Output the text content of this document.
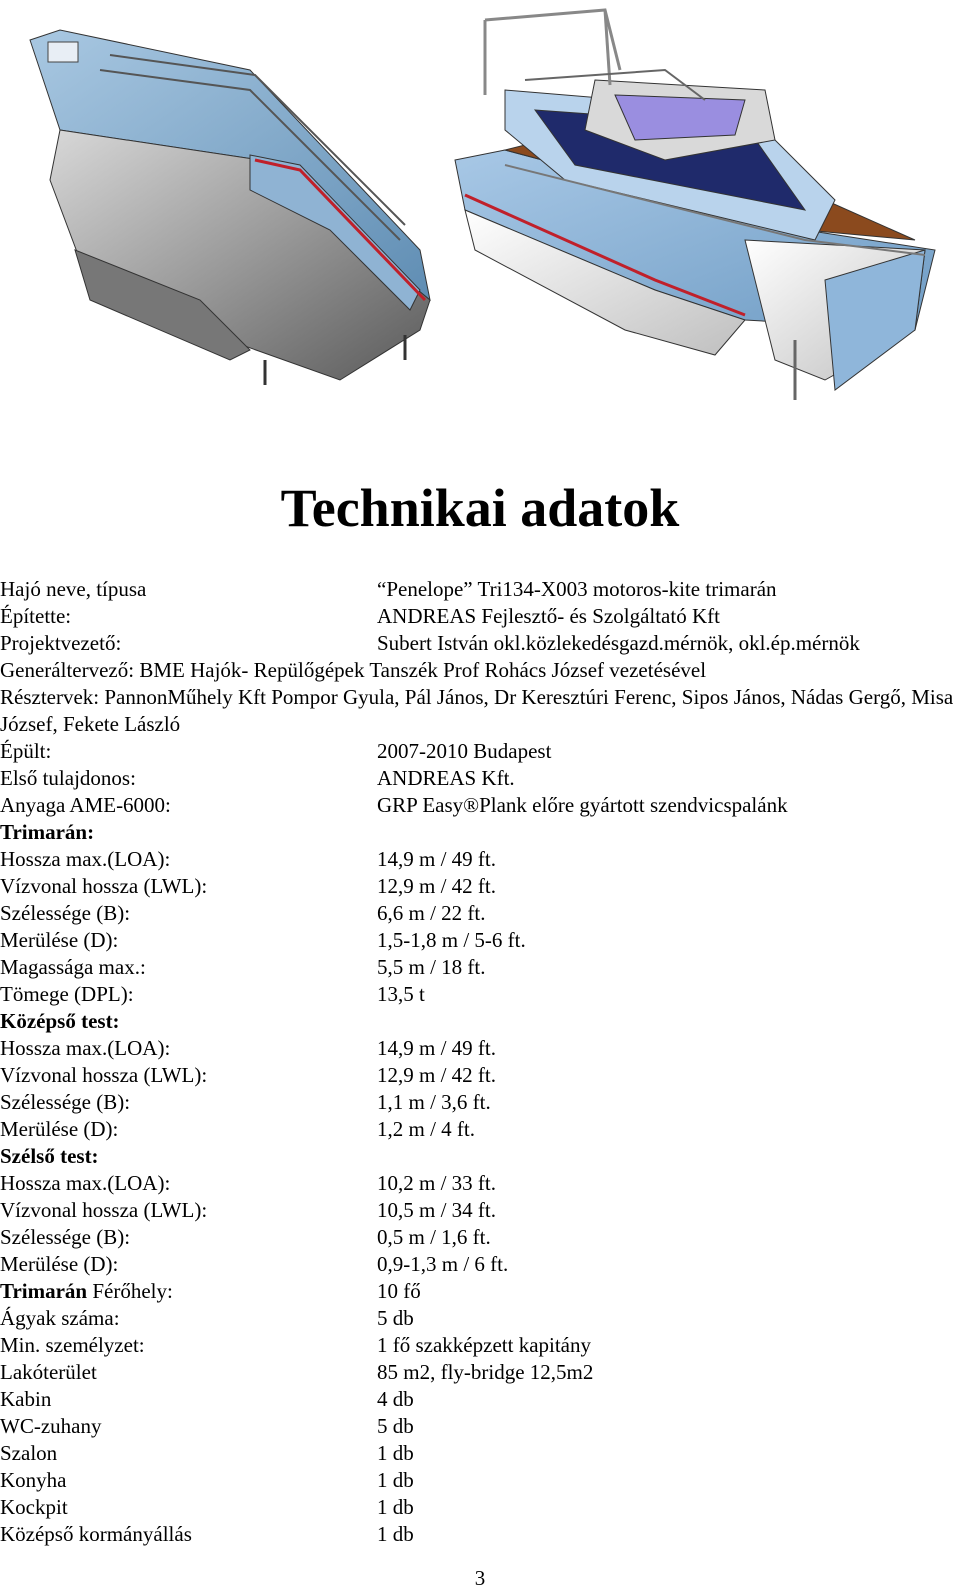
Technikai adatok
Hajó neve, típusa	“Penelope” Tri134-X003 motoros-kite trimarán
Építette:	ANDREAS Fejlesztő- és Szolgáltató Kft
Projektvezető:	Subert István okl.közlekedésgazd.mérnök, okl.ép.mérnök
Generáltervező: BME Hajók- Repülőgépek Tanszék Prof Rohács József vezetésével
Résztervek: PannonMűhely Kft Pompor Gyula, Pál János, Dr Keresztúri Ferenc, Sipos János, Nádas Gergő, Misa József, Fekete László
Épült:	2007-2010 Budapest
Első tulajdonos:	ANDREAS Kft.
Anyaga AME-6000:	GRP Easy®Plank előre gyártott szendvicspalánk
Trimarán:
Hossza max.(LOA):	14,9 m / 49 ft.
Vízvonal hossza (LWL):	12,9 m / 42 ft.
Szélessége (B):	6,6 m / 22 ft.
Merülése (D):	1,5-1,8 m / 5-6 ft.
Magassága max.:	5,5 m / 18 ft.
Tömege (DPL):	13,5 t
Középső test:
Hossza max.(LOA):	14,9 m / 49 ft.
Vízvonal hossza (LWL):	12,9 m / 42 ft.
Szélessége (B):	1,1 m / 3,6 ft.
Merülése (D):	1,2 m / 4 ft.
Szélső test:
Hossza max.(LOA):	10,2 m / 33 ft.
Vízvonal hossza (LWL):	10,5 m / 34 ft.
Szélessége (B):	0,5 m / 1,6 ft.
Merülése (D):	0,9-1,3 m / 6 ft.
Trimarán Férőhely:	10 fő
Ágyak száma:	5 db
Min. személyzet:	1 fő szakképzett kapitány
Lakóterület	85 m2, fly-bridge 12,5m2
Kabin	4 db
WC-zuhany	5 db
Szalon	1 db
Konyha	1 db
Kockpit	1 db
Középső kormányállás	1 db
3
